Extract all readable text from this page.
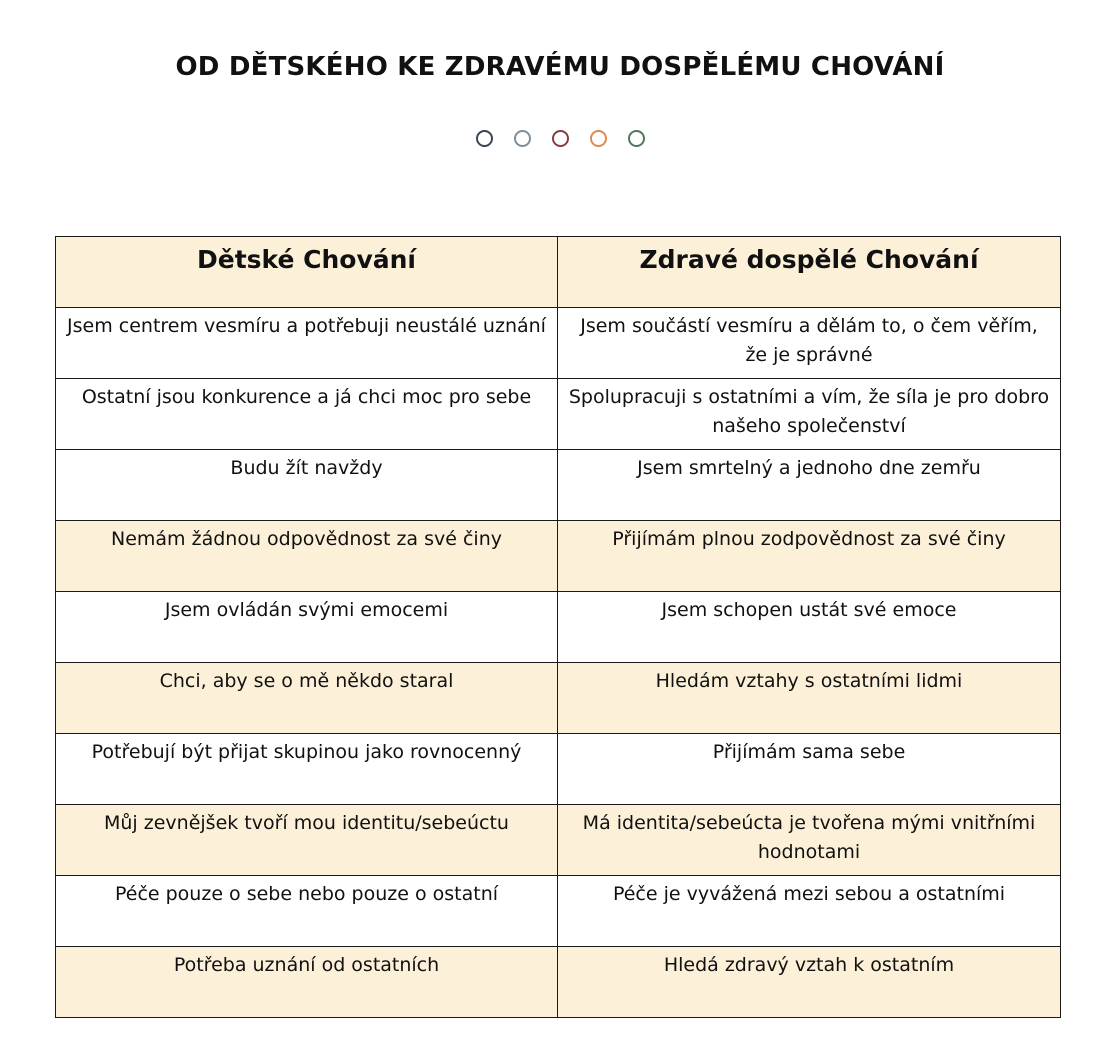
OD DĚTSKÉHO KE ZDRAVÉMU DOSPĚLÉMU CHOVÁNÍ
Dětské Chování	Zdravé dospělé Chování
Jsem centrem vesmíru a potřebuji neustálé uznání	Jsem součástí vesmíru a dělám to, o čem věřím, že je správné
Ostatní jsou konkurence a já chci moc pro sebe	Spolupracuji s ostatními a vím, že síla je pro dobro našeho společenství
Budu žít navždy	Jsem smrtelný a jednoho dne zemřu
Nemám žádnou odpovědnost za své činy	Přijímám plnou zodpovědnost za své činy
Jsem ovládán svými emocemi	Jsem schopen ustát své emoce
Chci, aby se o mě někdo staral	Hledám vztahy s ostatními lidmi
Potřebují být přijat skupinou jako rovnocenný	Přijímám sama sebe
Můj zevnějšek tvoří mou identitu/sebeúctu	Má identita/sebeúcta je tvořena mými vnitřními hodnotami
Péče pouze o sebe nebo pouze o ostatní	Péče je vyvážená mezi sebou a ostatními
Potřeba uznání od ostatních	Hledá zdravý vztah k ostatním
